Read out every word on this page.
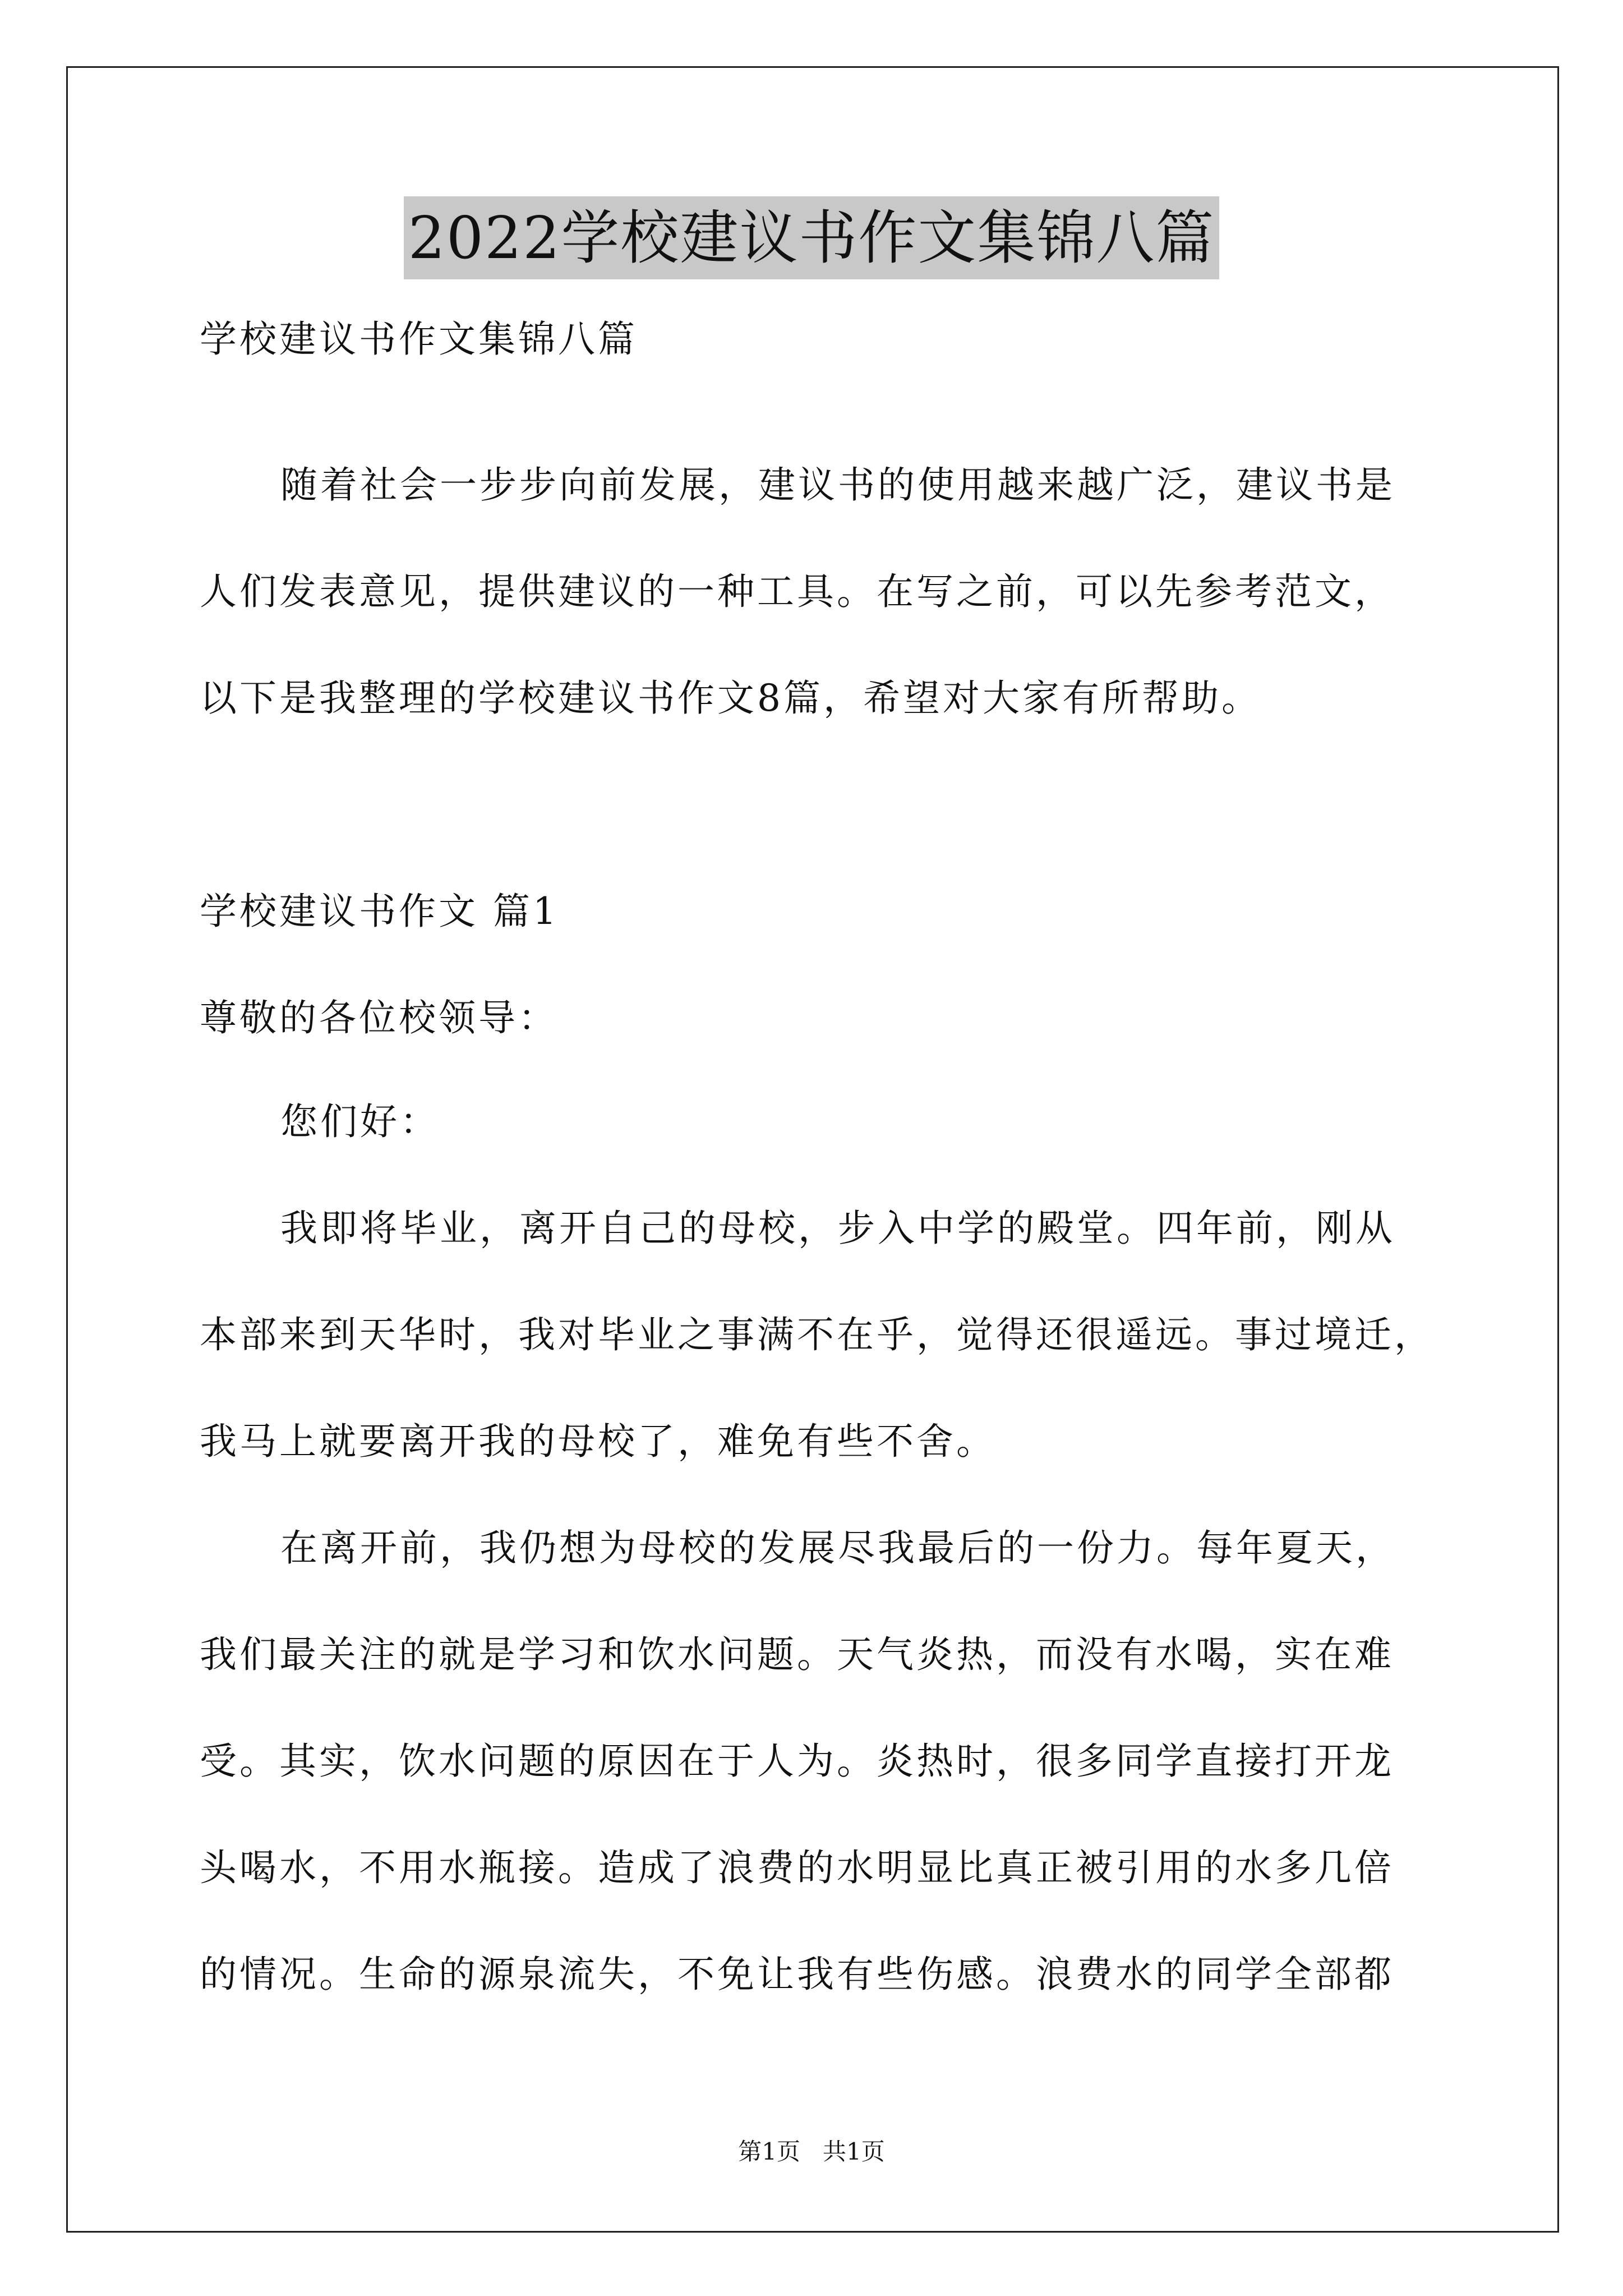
2022学校建议书作文集锦八篇
学校建议书作文集锦八篇
随着社会一步步向前发展，建议书的使用越来越广泛，建议书是
人们发表意见，提供建议的一种工具。在写之前，可以先参考范文，
以下是我整理的学校建议书作文8篇，希望对大家有所帮助。
学校建议书作文 篇1
尊敬的各位校领导：
您们好：
我即将毕业，离开自己的母校，步入中学的殿堂。四年前，刚从
本部来到天华时，我对毕业之事满不在乎，觉得还很遥远。事过境迁，
我马上就要离开我的母校了，难免有些不舍。
在离开前，我仍想为母校的发展尽我最后的一份力。每年夏天，
我们最关注的就是学习和饮水问题。天气炎热，而没有水喝，实在难
受。其实，饮水问题的原因在于人为。炎热时，很多同学直接打开龙
头喝水，不用水瓶接。造成了浪费的水明显比真正被引用的水多几倍
的情况。生命的源泉流失，不免让我有些伤感。浪费水的同学全部都
第1页 共1页
